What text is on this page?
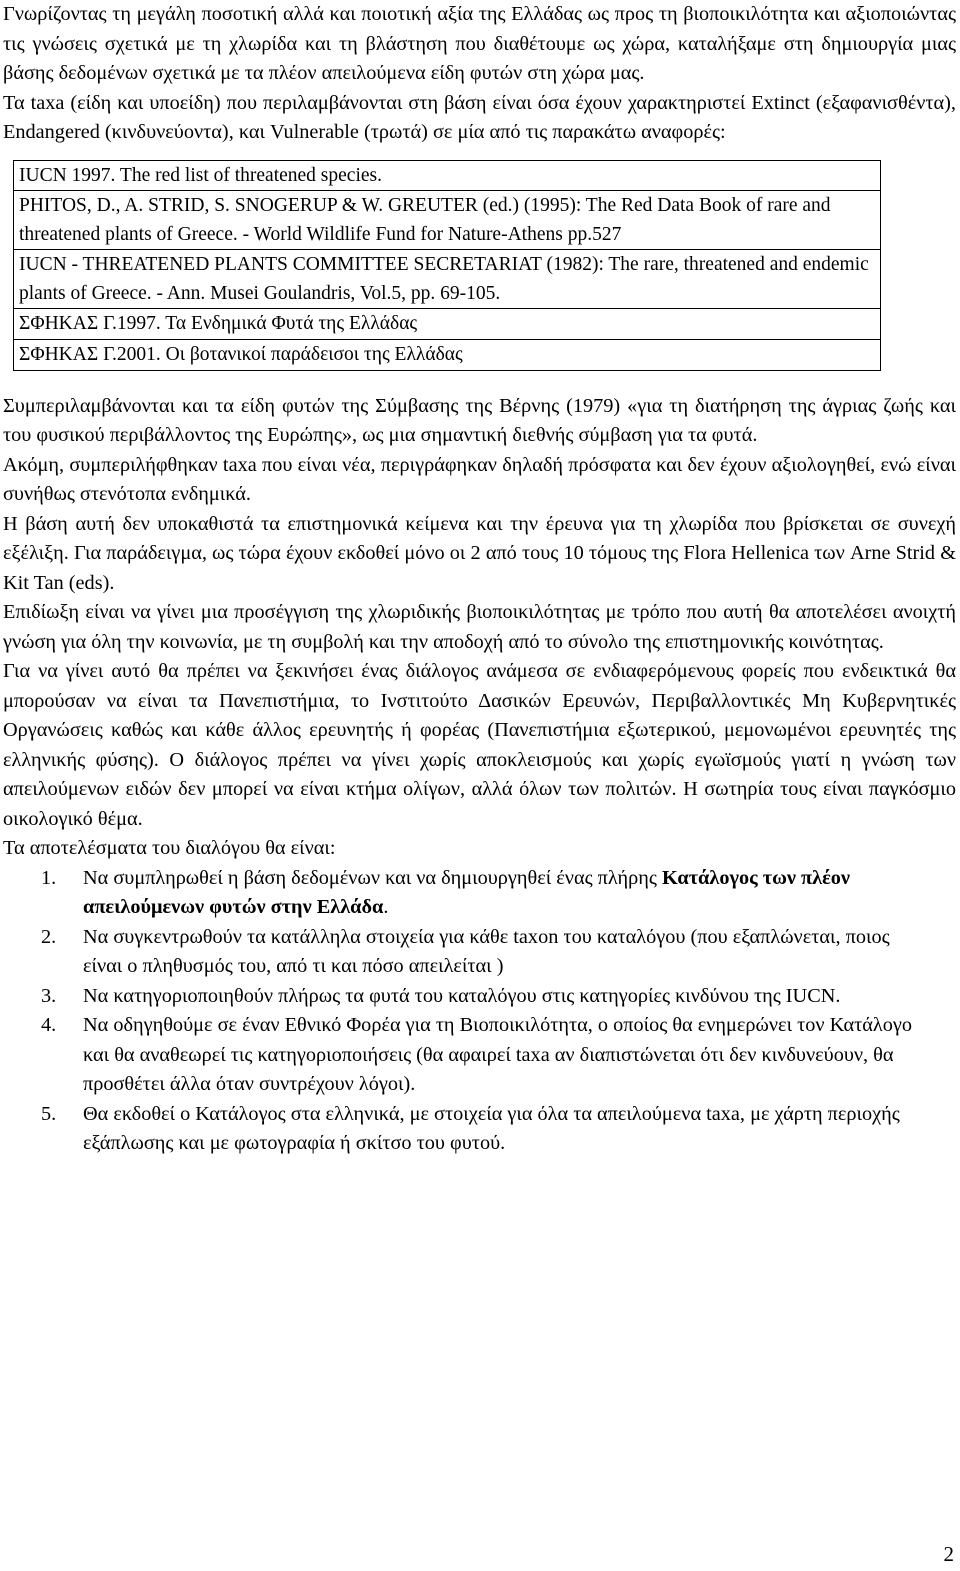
Γνωρίζοντας τη μεγάλη ποσοτική αλλά και ποιοτική αξία της Ελλάδας ως προς τη βιοποικιλότητα και αξιοποιώντας τις γνώσεις σχετικά με τη χλωρίδα και τη βλάστηση που διαθέτουμε ως χώρα, καταλήξαμε στη δημιουργία μιας βάσης δεδομένων σχετικά με τα πλέον απειλούμενα είδη φυτών στη χώρα μας.

Τα taxa (είδη και υποείδη) που περιλαμβάνονται στη βάση είναι όσα έχουν χαρακτηριστεί Extinct (εξαφανισθέντα), Endangered (κινδυνεύοντα), και Vulnerable (τρωτά) σε μία από τις παρακάτω αναφορές:

IUCN 1997. The red list of threatened species.
PHITOS, D., A. STRID, S. SNOGERUP & W. GREUTER (ed.) (1995): The Red Data Book of rare and threatened plants of Greece. - World Wildlife Fund for Nature-Athens pp.527
IUCN - THREATENED PLANTS COMMITTEE SECRETARIAT (1982): The rare, threatened and endemic plants of Greece. - Ann. Musei Goulandris, Vol.5, pp. 69-105.
ΣΦΗΚΑΣ Γ.1997. Τα Ενδημικά Φυτά της Ελλάδας
ΣΦΗΚΑΣ Γ.2001. Οι βοτανικοί παράδεισοι της Ελλάδας

Συμπεριλαμβάνονται και τα είδη φυτών της Σύμβασης της Βέρνης (1979) «για τη διατήρηση της άγριας ζωής και του φυσικού περιβάλλοντος της Ευρώπης», ως μια σημαντική διεθνής σύμβαση για τα φυτά.

Ακόμη, συμπεριλήφθηκαν taxa που είναι νέα, περιγράφηκαν δηλαδή πρόσφατα και δεν έχουν αξιολογηθεί, ενώ είναι συνήθως στενότοπα ενδημικά.

Η βάση αυτή δεν υποκαθιστά τα επιστημονικά κείμενα και την έρευνα για τη χλωρίδα που βρίσκεται σε συνεχή εξέλιξη. Για παράδειγμα, ως τώρα έχουν εκδοθεί μόνο οι 2 από τους 10 τόμους της Flora Hellenica των Arne Strid & Kit Tan (eds).

Επιδίωξη είναι να γίνει μια προσέγγιση της χλωριδικής βιοποικιλότητας με τρόπο που αυτή θα αποτελέσει ανοιχτή γνώση για όλη την κοινωνία, με τη συμβολή και την αποδοχή από το σύνολο της επιστημονικής κοινότητας.

Για να γίνει αυτό θα πρέπει να ξεκινήσει ένας διάλογος ανάμεσα σε ενδιαφερόμενους φορείς που ενδεικτικά θα μπορούσαν να είναι τα Πανεπιστήμια, το Ινστιτούτο Δασικών Ερευνών, Περιβαλλοντικές Μη Κυβερνητικές Οργανώσεις καθώς και κάθε άλλος ερευνητής ή φορέας (Πανεπιστήμια εξωτερικού, μεμονωμένοι ερευνητές της ελληνικής φύσης). Ο διάλογος πρέπει να γίνει χωρίς αποκλεισμούς και χωρίς εγωϊσμούς γιατί η γνώση των απειλούμενων ειδών δεν μπορεί να είναι κτήμα ολίγων, αλλά όλων των πολιτών. Η σωτηρία τους είναι παγκόσμιο οικολογικό θέμα.

Τα αποτελέσματα του διαλόγου θα είναι:

1. Να συμπληρωθεί η βάση δεδομένων και να δημιουργηθεί ένας πλήρης Κατάλογος των πλέον απειλούμενων φυτών στην Ελλάδα.
2. Να συγκεντρωθούν τα κατάλληλα στοιχεία για κάθε taxon του καταλόγου (που εξαπλώνεται, ποιος είναι ο πληθυσμός του, από τι και πόσο απειλείται )
3. Να κατηγοριοποιηθούν πλήρως τα φυτά του καταλόγου στις κατηγορίες κινδύνου της IUCN.
4. Να οδηγηθούμε σε έναν Εθνικό Φορέα για τη Βιοποικιλότητα, ο οποίος θα ενημερώνει τον Κατάλογο και θα αναθεωρεί τις κατηγοριοποιήσεις (θα αφαιρεί taxa αν διαπιστώνεται ότι δεν κινδυνεύουν, θα προσθέτει άλλα όταν συντρέχουν λόγοι).
5. Θα εκδοθεί ο Κατάλογος στα ελληνικά, με στοιχεία για όλα τα απειλούμενα taxa, με χάρτη περιοχής εξάπλωσης και με φωτογραφία ή σκίτσο του φυτού.
2
